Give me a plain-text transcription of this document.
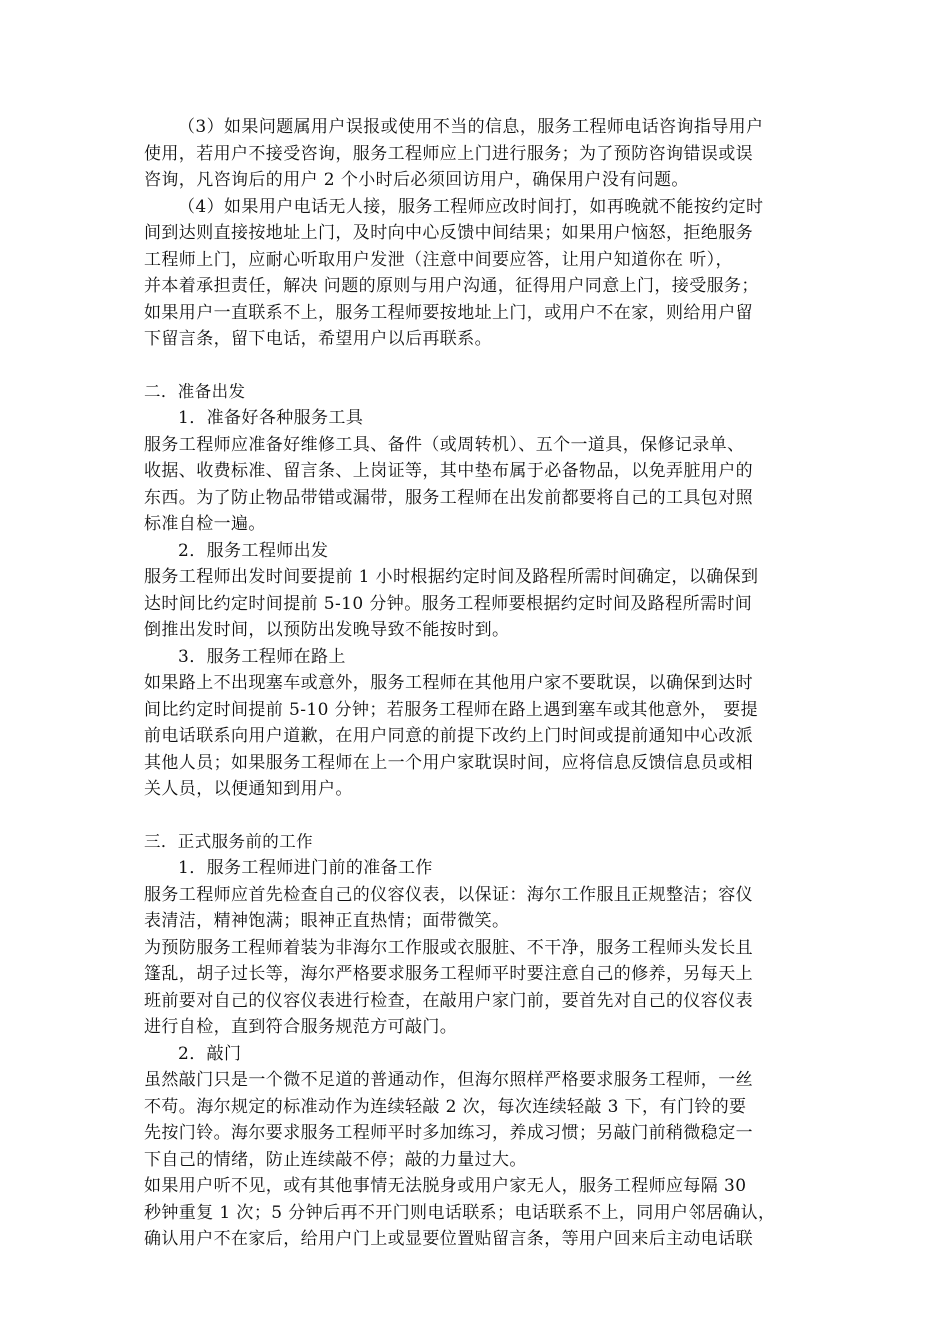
（3）如果问题属用户误报或使用不当的信息，服务工程师电话咨询指导用户
使用，若用户不接受咨询，服务工程师应上门进行服务；为了预防咨询错误或误
咨询，凡咨询后的用户 2 个小时后必须回访用户，确保用户没有问题。
（4）如果用户电话无人接，服务工程师应改时间打，如再晚就不能按约定时
间到达则直接按地址上门，及时向中心反馈中间结果；如果用户恼怒，拒绝服务
工程师上门，应耐心听取用户发泄（注意中间要应答，让用户知道你在 听），
并本着承担责任，解决 问题的原则与用户沟通，征得用户同意上门，接受服务；
如果用户一直联系不上，服务工程师要按地址上门，或用户不在家，则给用户留
下留言条，留下电话，希望用户以后再联系。
二．准备出发
1．准备好各种服务工具
服务工程师应准备好维修工具、备件（或周转机）、五个一道具，保修记录单、
收据、收费标准、留言条、上岗证等，其中垫布属于必备物品，以免弄脏用户的
东西。为了防止物品带错或漏带，服务工程师在出发前都要将自己的工具包对照
标准自检一遍。
2．服务工程师出发
服务工程师出发时间要提前 1 小时根据约定时间及路程所需时间确定，以确保到
达时间比约定时间提前 5-10 分钟。服务工程师要根据约定时间及路程所需时间
倒推出发时间，以预防出发晚导致不能按时到。
3．服务工程师在路上
如果路上不出现塞车或意外，服务工程师在其他用户家不要耽误，以确保到达时
间比约定时间提前 5-10 分钟；若服务工程师在路上遇到塞车或其他意外， 要提
前电话联系向用户道歉，在用户同意的前提下改约上门时间或提前通知中心改派
其他人员；如果服务工程师在上一个用户家耽误时间，应将信息反馈信息员或相
关人员，以便通知到用户。
三．正式服务前的工作
1．服务工程师进门前的准备工作
服务工程师应首先检查自己的仪容仪表，以保证：海尔工作服且正规整洁；容仪
表清洁，精神饱满；眼神正直热情；面带微笑。
为预防服务工程师着装为非海尔工作服或衣服脏、不干净，服务工程师头发长且
篷乱，胡子过长等，海尔严格要求服务工程师平时要注意自己的修养，另每天上
班前要对自己的仪容仪表进行检查，在敲用户家门前，要首先对自己的仪容仪表
进行自检，直到符合服务规范方可敲门。
2．敲门
虽然敲门只是一个微不足道的普通动作，但海尔照样严格要求服务工程师，一丝
不苟。海尔规定的标准动作为连续轻敲 2 次，每次连续轻敲 3 下，有门铃的要
先按门铃。海尔要求服务工程师平时多加练习，养成习惯；另敲门前稍微稳定一
下自己的情绪，防止连续敲不停；敲的力量过大。
如果用户听不见，或有其他事情无法脱身或用户家无人，服务工程师应每隔 30
秒钟重复 1 次；5 分钟后再不开门则电话联系；电话联系不上，同用户邻居确认，
确认用户不在家后，给用户门上或显要位置贴留言条，等用户回来后主动电话联
